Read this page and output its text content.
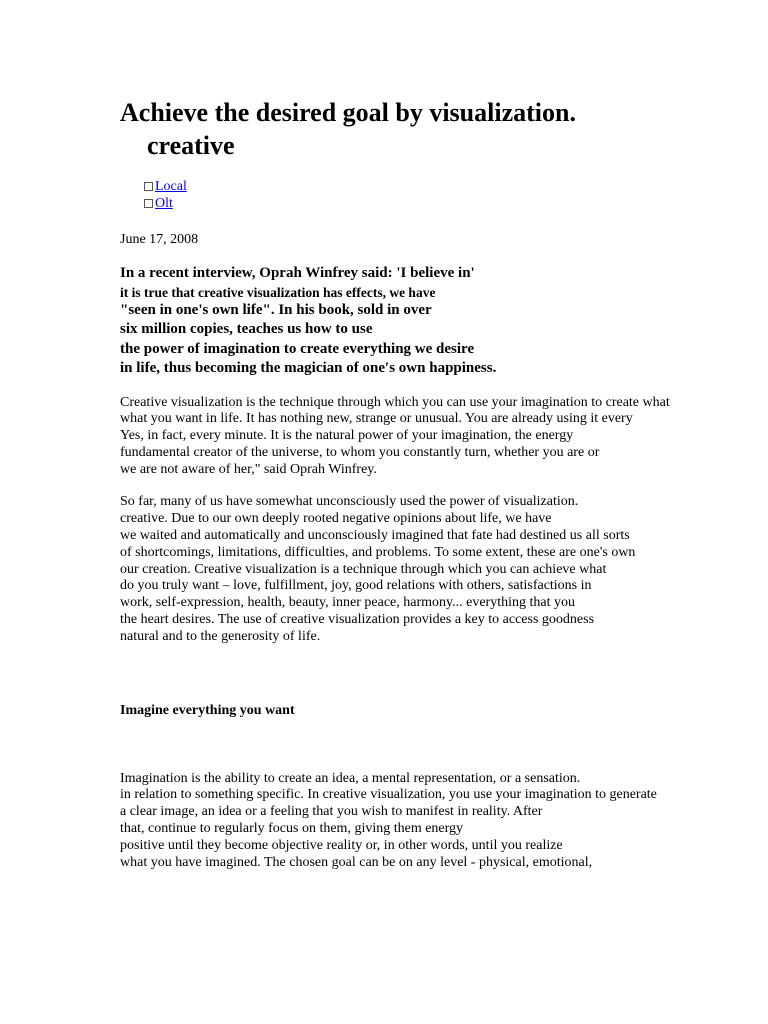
Achieve the desired goal by visualization.
creative
Local
Olt
June 17, 2008
In a recent interview, Oprah Winfrey said: 'I believe in'
it is true that creative visualization has effects, we have
"seen in one's own life". In his book, sold in over
six million copies, teaches us how to use
the power of imagination to create everything we desire
in life, thus becoming the magician of one′s own happiness.
Creative visualization is the technique through which you can use your imagination to create what
what you want in life. It has nothing new, strange or unusual. You are already using it every
Yes, in fact, every minute. It is the natural power of your imagination, the energy
fundamental creator of the universe, to whom you constantly turn, whether you are or
we are not aware of her," said Oprah Winfrey.
So far, many of us have somewhat unconsciously used the power of visualization.
creative. Due to our own deeply rooted negative opinions about life, we have
we waited and automatically and unconsciously imagined that fate had destined us all sorts
of shortcomings, limitations, difficulties, and problems. To some extent, these are one's own
our creation. Creative visualization is a technique through which you can achieve what
do you truly want – love, fulfillment, joy, good relations with others, satisfactions in
work, self-expression, health, beauty, inner peace, harmony... everything that you
the heart desires. The use of creative visualization provides a key to access goodness
natural and to the generosity of life.
Imagine everything you want
Imagination is the ability to create an idea, a mental representation, or a sensation.
in relation to something specific. In creative visualization, you use your imagination to generate
a clear image, an idea or a feeling that you wish to manifest in reality. After
that, continue to regularly focus on them, giving them energy
positive until they become objective reality or, in other words, until you realize
what you have imagined. The chosen goal can be on any level - physical, emotional,
